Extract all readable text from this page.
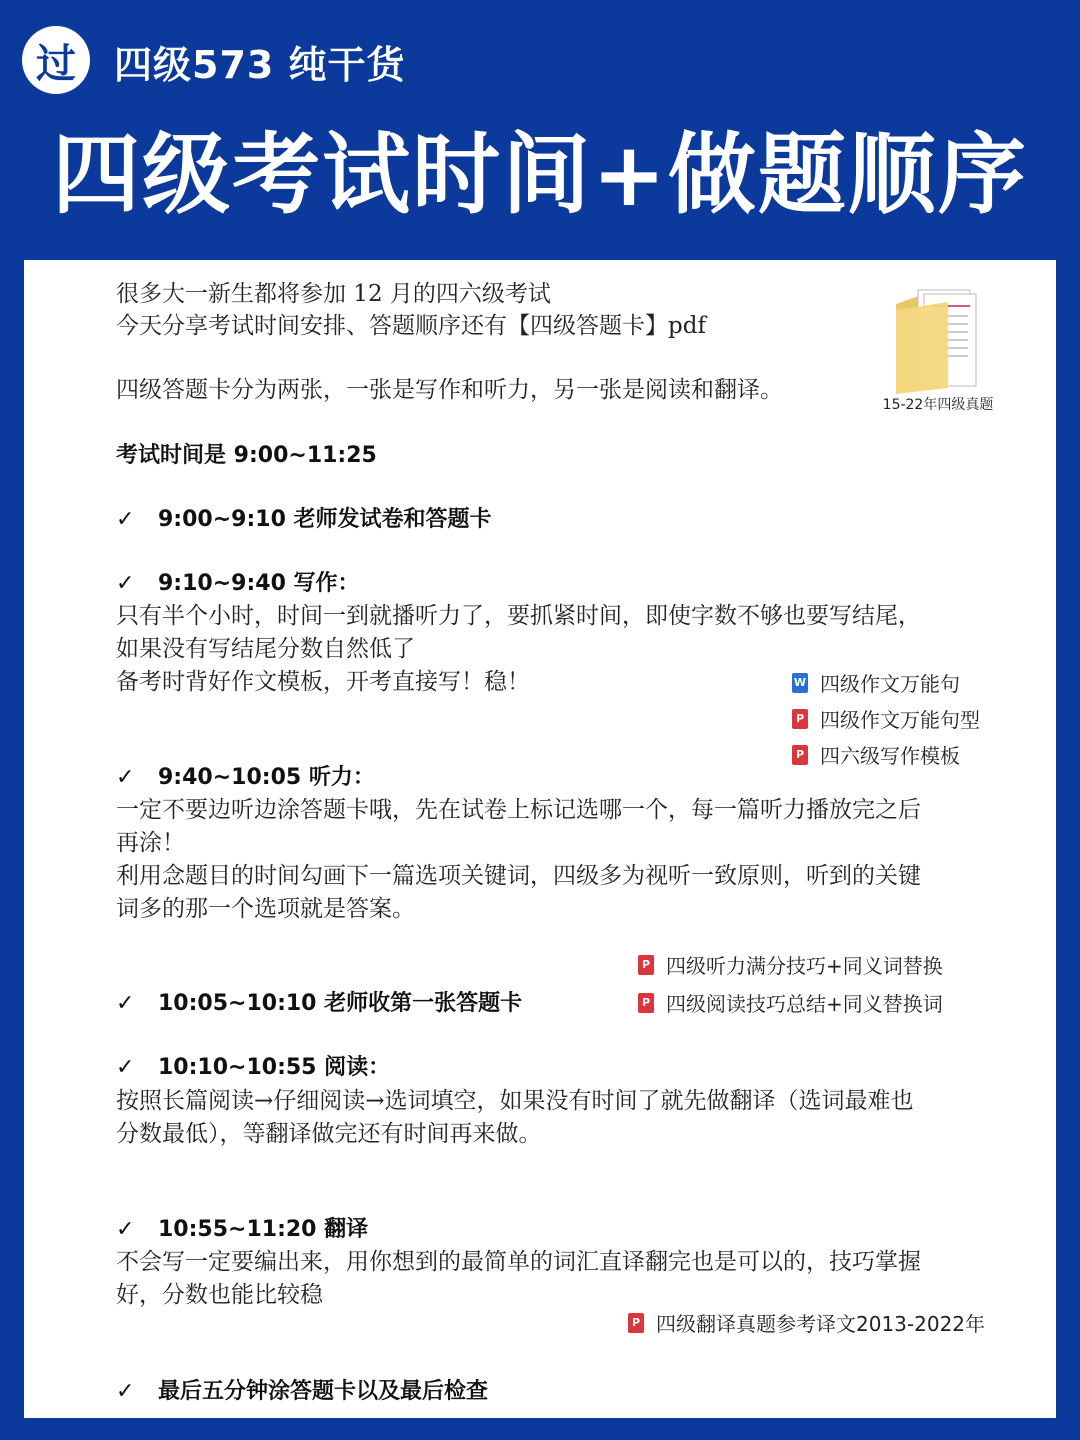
过	四级573 纯干货
四级考试时间+做题顺序
很多大一新生都将参加 12 月的四六级考试
今天分享考试时间安排、答题顺序还有【四级答题卡】pdf
四级答题卡分为两张，一张是写作和听力，另一张是阅读和翻译。
15-22年四级真题
考试时间是 9:00~11:25
✓ 9:00~9:10 老师发试卷和答题卡
✓ 9:10~9:40 写作：
只有半个小时，时间一到就播听力了，要抓紧时间，即使字数不够也要写结尾，
如果没有写结尾分数自然低了
备考时背好作文模板，开考直接写！稳！	W 四级作文万能句
P 四级作文万能句型
P 四六级写作模板
✓ 9:40~10:05 听力：
一定不要边听边涂答题卡哦，先在试卷上标记选哪一个，每一篇听力播放完之后
再涂！
利用念题目的时间勾画下一篇选项关键词，四级多为视听一致原则，听到的关键
词多的那一个选项就是答案。
P 四级听力满分技巧+同义词替换
P 四级阅读技巧总结+同义替换词
✓ 10:05~10:10 老师收第一张答题卡
✓ 10:10~10:55 阅读：
按照长篇阅读→仔细阅读→选词填空，如果没有时间了就先做翻译（选词最难也
分数最低），等翻译做完还有时间再来做。
✓ 10:55~11:20 翻译
不会写一定要编出来，用你想到的最简单的词汇直译翻完也是可以的，技巧掌握
好，分数也能比较稳
P 四级翻译真题参考译文2013-2022年
✓ 最后五分钟涂答题卡以及最后检查
